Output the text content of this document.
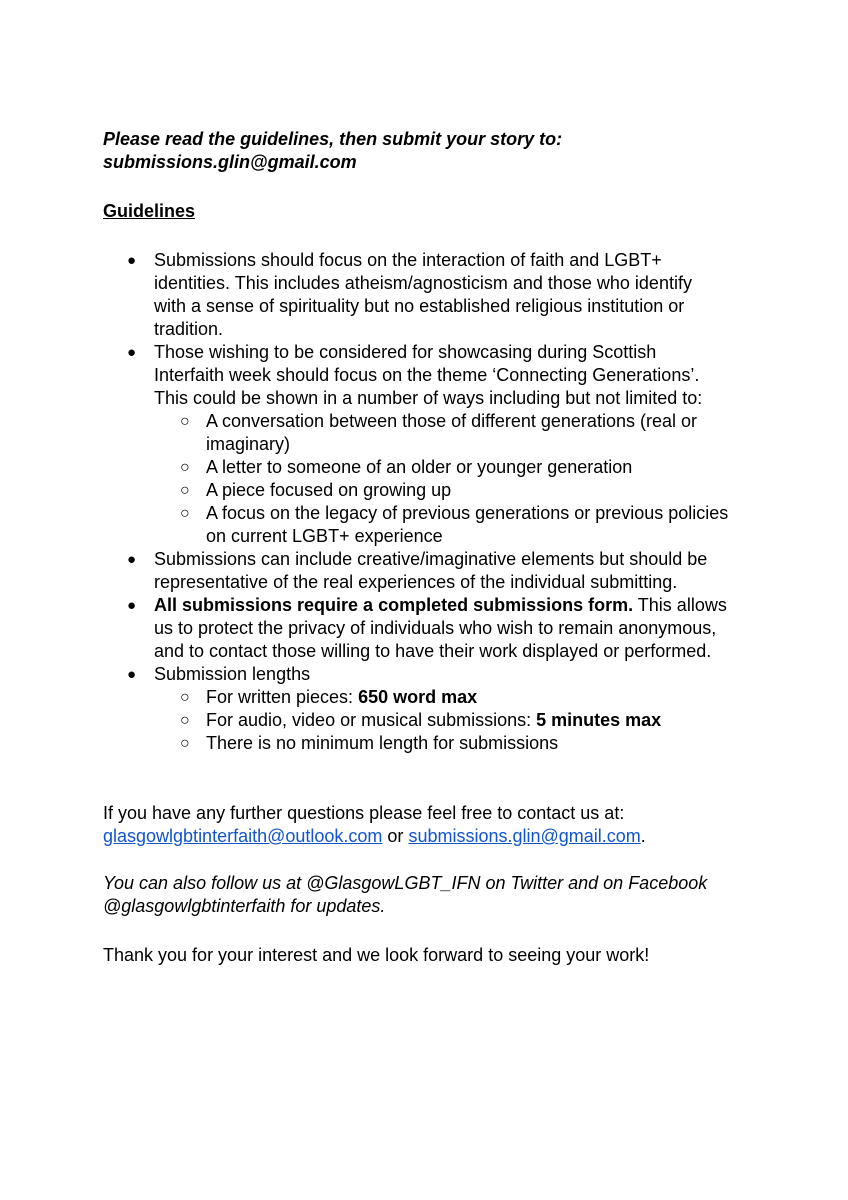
Please read the guidelines, then submit your story to:
submissions.glin@gmail.com
Guidelines
● Submissions should focus on the interaction of faith and LGBT+
identities. This includes atheism/agnosticism and those who identify
with a sense of spirituality but no established religious institution or
tradition.
● Those wishing to be considered for showcasing during Scottish
Interfaith week should focus on the theme ‘Connecting Generations’.
This could be shown in a number of ways including but not limited to:
○ A conversation between those of different generations (real or
imaginary)
○ A letter to someone of an older or younger generation
○ A piece focused on growing up
○ A focus on the legacy of previous generations or previous policies
on current LGBT+ experience
● Submissions can include creative/imaginative elements but should be
representative of the real experiences of the individual submitting.
● All submissions require a completed submissions form. This allows
us to protect the privacy of individuals who wish to remain anonymous,
and to contact those willing to have their work displayed or performed.
● Submission lengths
○ For written pieces: 650 word max
○ For audio, video or musical submissions: 5 minutes max
○ There is no minimum length for submissions
If you have any further questions please feel free to contact us at:
glasgowlgbtinterfaith@outlook.com or submissions.glin@gmail.com.
You can also follow us at @GlasgowLGBT_IFN on Twitter and on Facebook
@glasgowlgbtinterfaith for updates.
Thank you for your interest and we look forward to seeing your work!
